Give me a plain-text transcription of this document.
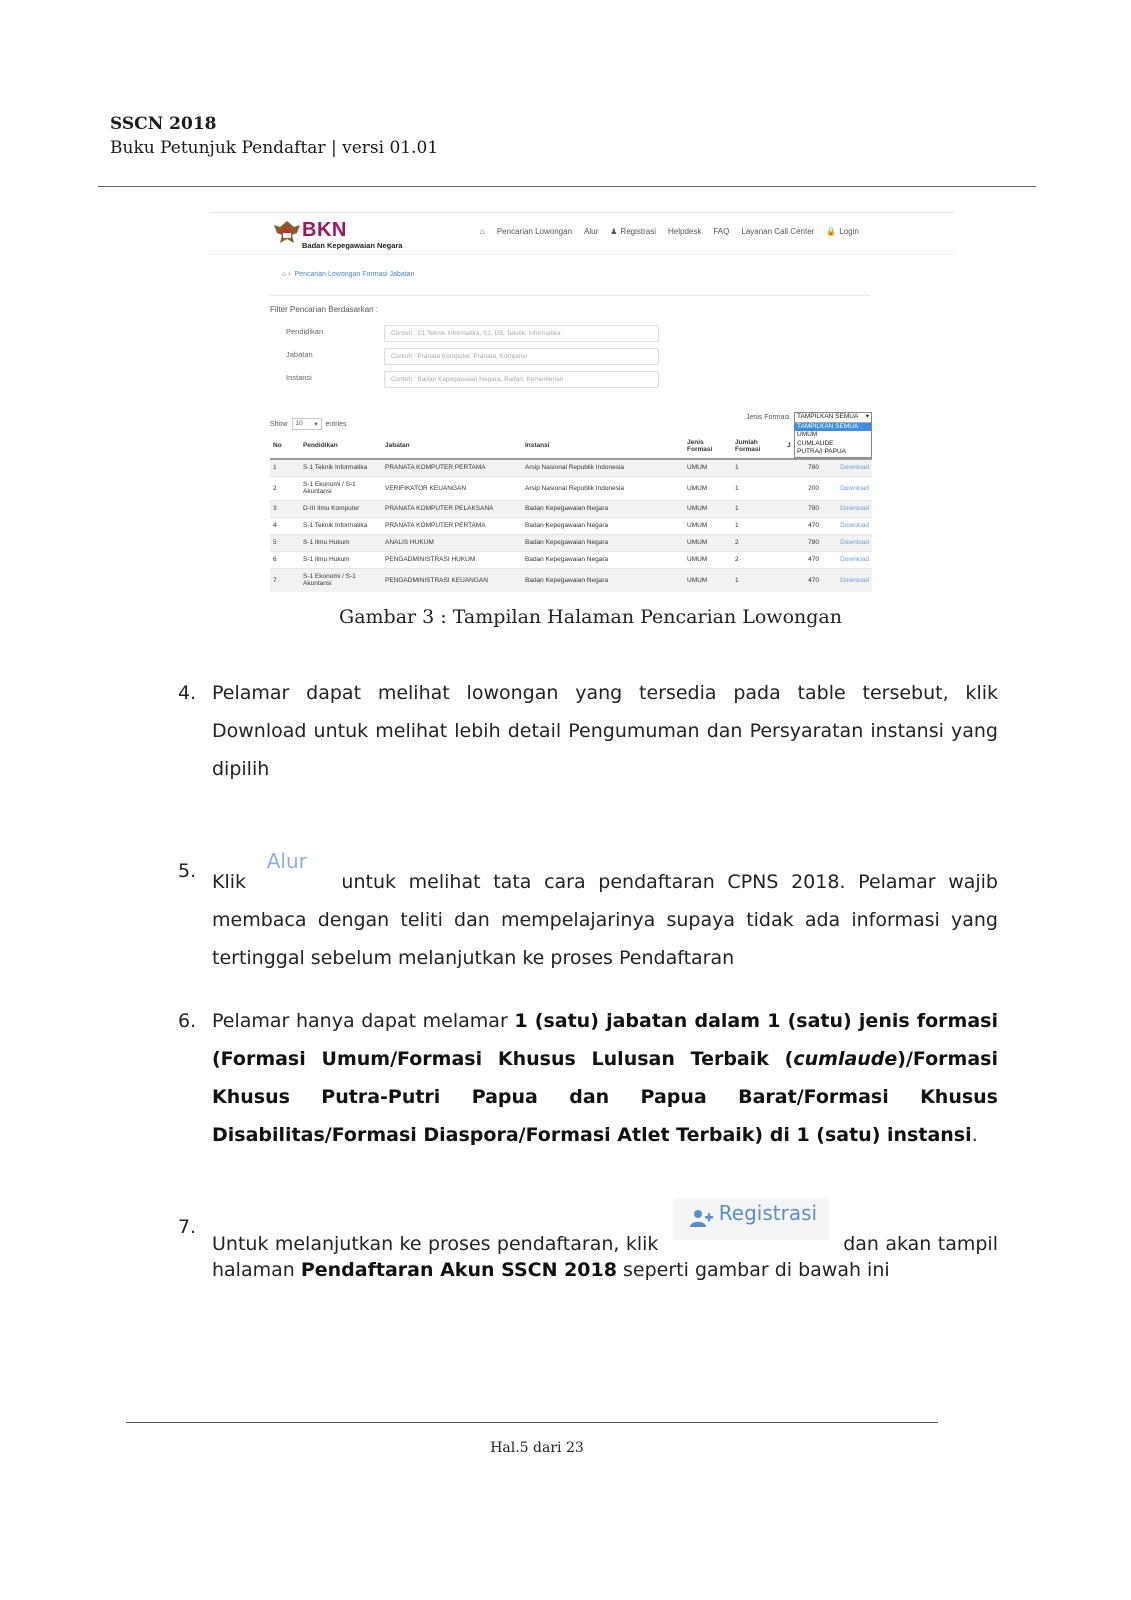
SSCN 2018
Buku Petunjuk Pendaftar | versi 01.01
BKN
Badan Kepegawaian Negara
⌂ Pencarian Lowongan Alur ♟ Registrasi Helpdesk FAQ Layanan Call Center 🔒 Login
⌂ › Pencarian Lowongan Formasi Jabatan
Filter Pencarian Berdasarkan :
Pendidikan	Contoh : S1 Teknik Informatika, S1, D3, Teknik, Informatika
Jabatan	Contoh : Pranata Komputer, Pranata, Komputer
Instansi	Contoh : Badan Kepegawaian Negara, Badan, Kementerian
Show 10 ▾ entries
Jenis Formasi TAMPILKAN SEMUA ▾
TAMPILKAN SEMUA
UMUM
CUMLAUDE
PUTRA/I PAPUA
No	Pendidikan	Jabatan	Instansi	Jenis Formasi	Jumlah Formasi	J	
1	S-1 Teknik Informatika	PRANATA KOMPUTER PERTAMA	Arsip Nasional Republik Indonesia	UMUM	1	780	Download
2	S-1 Ekonomi / S-1 Akuntansi	VERIFIKATOR KEUANGAN	Arsip Nasional Republik Indonesia	UMUM	1	200	Download
3	D-III Ilmu Komputer	PRANATA KOMPUTER PELAKSANA	Badan Kepegawaian Negara	UMUM	1	780	Download
4	S-1 Teknik Informatika	PRANATA KOMPUTER PERTAMA	Badan Kepegawaian Negara	UMUM	1	470	Download
5	S-1 Ilmu Hukum	ANALIS HUKUM	Badan Kepegawaian Negara	UMUM	2	780	Download
6	S-1 Ilmu Hukum	PENGADMINISTRASI HUKUM	Badan Kepegawaian Negara	UMUM	2	470	Download
7	S-1 Ekonomi / S-1 Akuntansi	PENGADMINISTRASI KEUANGAN	Badan Kepegawaian Negara	UMUM	1	470	Download
Gambar 3 : Tampilan Halaman Pencarian Lowongan
4. Pelamar dapat melihat lowongan yang tersedia pada table tersebut, klik Download untuk melihat lebih detail Pengumuman dan Persyaratan instansi yang dipilih
5. Klik
Alur
untuk melihat tata cara pendaftaran CPNS 2018. Pelamar wajib membaca dengan teliti dan mempelajarinya supaya tidak ada informasi yang tertinggal sebelum melanjutkan ke proses Pendaftaran
6. Pelamar hanya dapat melamar 1 (satu) jabatan dalam 1 (satu) jenis formasi (Formasi Umum/Formasi Khusus Lulusan Terbaik (cumlaude)/Formasi Khusus Putra-Putri Papua dan Papua Barat/Formasi Khusus Disabilitas/Formasi Diaspora/Formasi Atlet Terbaik) di 1 (satu) instansi.
7.
Untuk melanjutkan ke proses pendaftaran, klik
Registrasi
dan akan tampil halaman Pendaftaran Akun SSCN 2018 seperti gambar di bawah ini
Hal.5 dari 23
